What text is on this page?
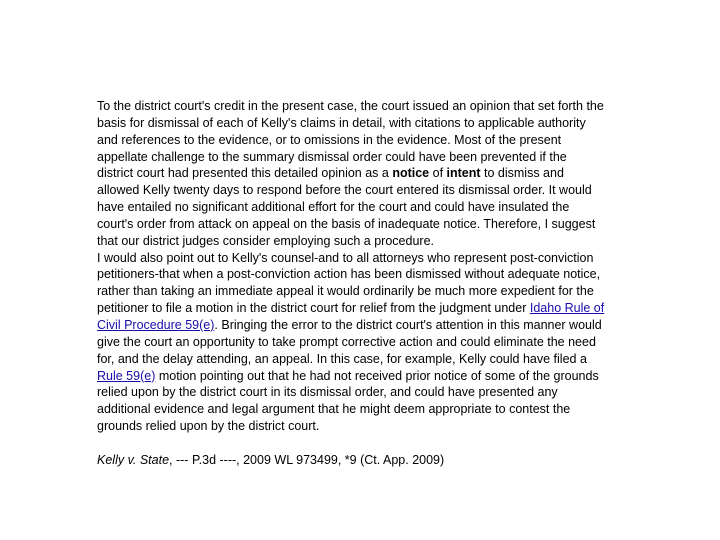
To the district court's credit in the present case, the court issued an opinion that set forth the basis for dismissal of each of Kelly's claims in detail, with citations to applicable authority and references to the evidence, or to omissions in the evidence. Most of the present appellate challenge to the summary dismissal order could have been prevented if the district court had presented this detailed opinion as a notice of intent to dismiss and allowed Kelly twenty days to respond before the court entered its dismissal order. It would have entailed no significant additional effort for the court and could have insulated the court's order from attack on appeal on the basis of inadequate notice. Therefore, I suggest that our district judges consider employing such a procedure.

I would also point out to Kelly's counsel-and to all attorneys who represent post-conviction petitioners-that when a post-conviction action has been dismissed without adequate notice, rather than taking an immediate appeal it would ordinarily be much more expedient for the petitioner to file a motion in the district court for relief from the judgment under Idaho Rule of Civil Procedure 59(e). Bringing the error to the district court's attention in this manner would give the court an opportunity to take prompt corrective action and could eliminate the need for, and the delay attending, an appeal. In this case, for example, Kelly could have filed a Rule 59(e) motion pointing out that he had not received prior notice of some of the grounds relied upon by the district court in its dismissal order, and could have presented any additional evidence and legal argument that he might deem appropriate to contest the grounds relied upon by the district court.

Kelly v. State, --- P.3d ----, 2009 WL 973499, *9 (Ct. App. 2009)
